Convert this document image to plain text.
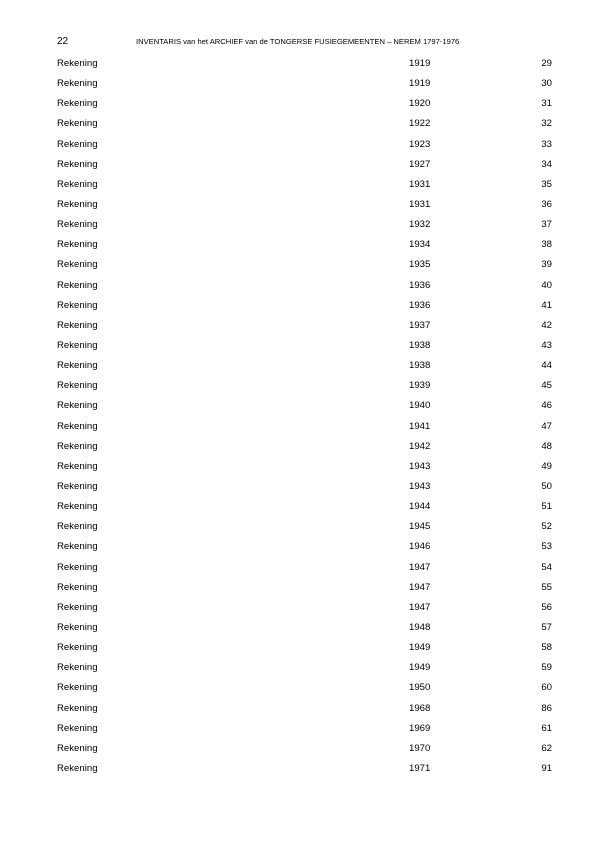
22	INVENTARIS van het ARCHIEF van de TONGERSE FUSIEGEMEENTEN – NEREM 1797-1976
Rekening	1919	29
Rekening	1919	30
Rekening	1920	31
Rekening	1922	32
Rekening	1923	33
Rekening	1927	34
Rekening	1931	35
Rekening	1931	36
Rekening	1932	37
Rekening	1934	38
Rekening	1935	39
Rekening	1936	40
Rekening	1936	41
Rekening	1937	42
Rekening	1938	43
Rekening	1938	44
Rekening	1939	45
Rekening	1940	46
Rekening	1941	47
Rekening	1942	48
Rekening	1943	49
Rekening	1943	50
Rekening	1944	51
Rekening	1945	52
Rekening	1946	53
Rekening	1947	54
Rekening	1947	55
Rekening	1947	56
Rekening	1948	57
Rekening	1949	58
Rekening	1949	59
Rekening	1950	60
Rekening	1968	86
Rekening	1969	61
Rekening	1970	62
Rekening	1971	91
